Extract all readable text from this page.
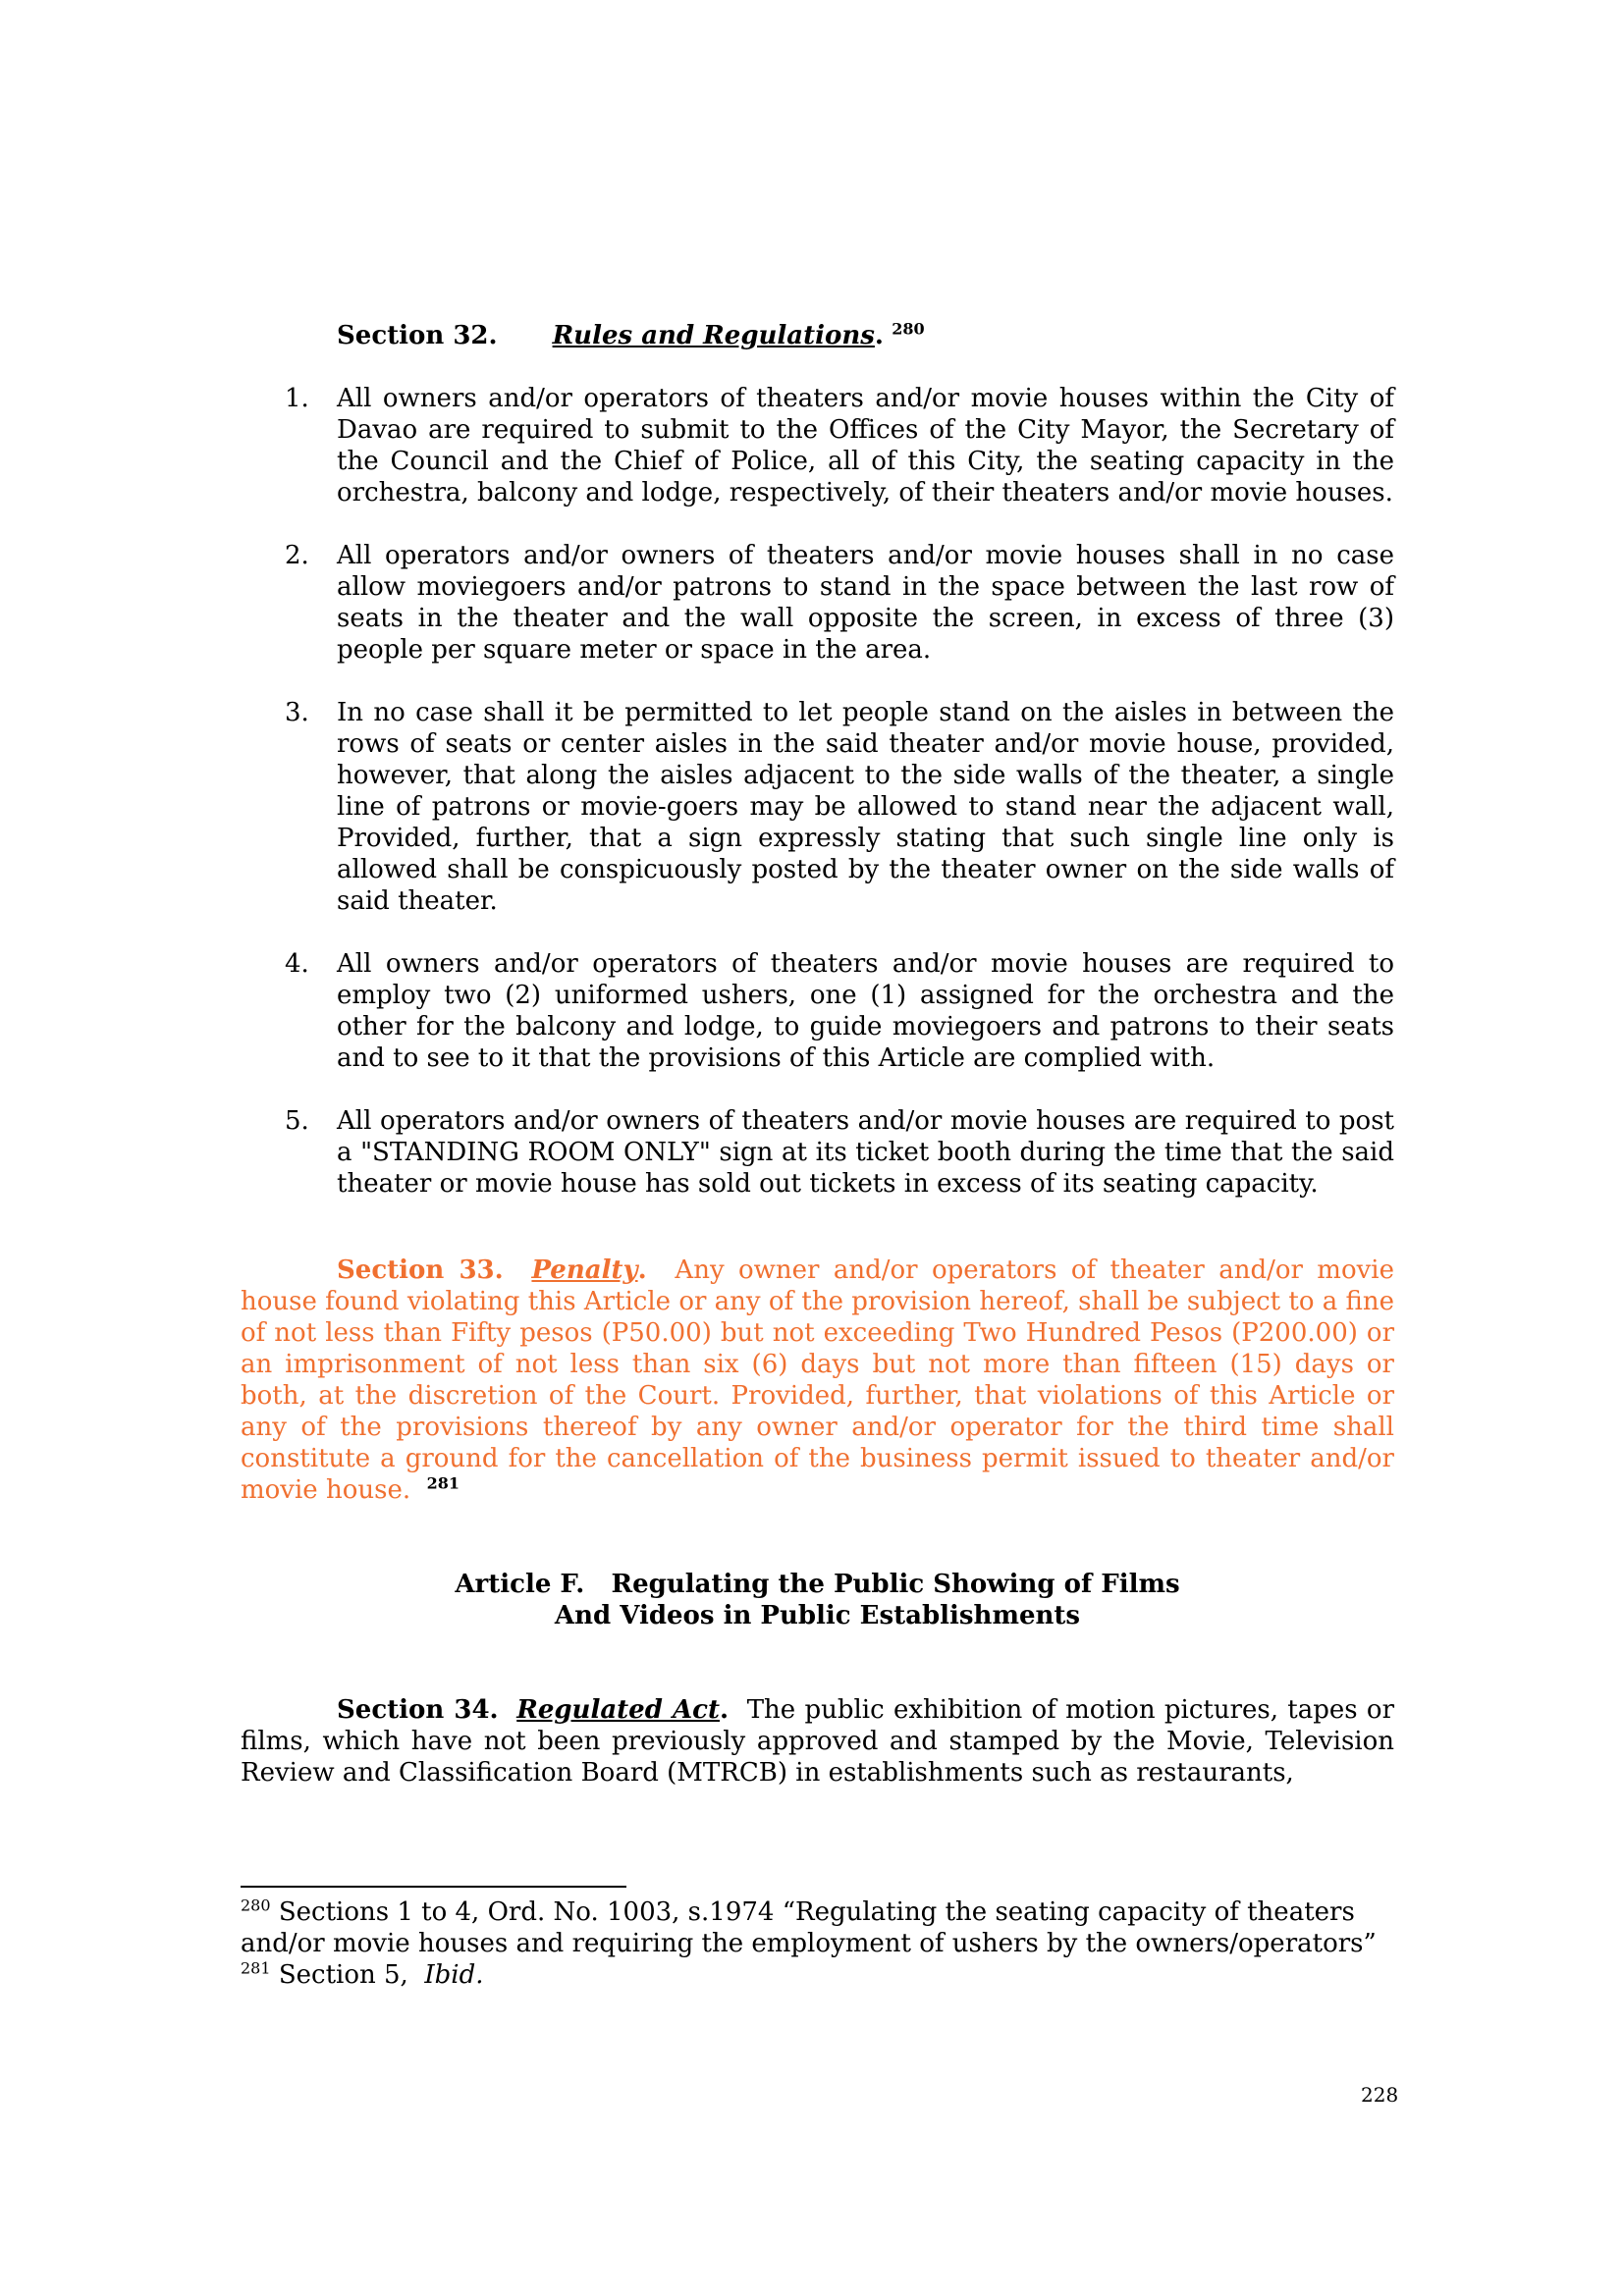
Section 32. Rules and Regulations. $^{280}$
1. All owners and/or operators of theaters and/or movie houses within the City of Davao are required to submit to the Offices of the City Mayor, the Secretary of the Council and the Chief of Police, all of this City, the seating capacity in the orchestra, balcony and lodge, respectively, of their theaters and/or movie houses.
2. All operators and/or owners of theaters and/or movie houses shall in no case allow moviegoers and/or patrons to stand in the space between the last row of seats in the theater and the wall opposite the screen, in excess of three (3) people per square meter or space in the area.
3. In no case shall it be permitted to let people stand on the aisles in between the rows of seats or center aisles in the said theater and/or movie house, provided, however, that along the aisles adjacent to the side walls of the theater, a single line of patrons or movie-goers may be allowed to stand near the adjacent wall, Provided, further, that a sign expressly stating that such single line only is allowed shall be conspicuously posted by the theater owner on the side walls of said theater.
4. All owners and/or operators of theaters and/or movie houses are required to employ two (2) uniformed ushers, one (1) assigned for the orchestra and the other for the balcony and lodge, to guide moviegoers and patrons to their seats and to see to it that the provisions of this Article are complied with.
5. All operators and/or owners of theaters and/or movie houses are required to post a "STANDING ROOM ONLY" sign at its ticket booth during the time that the said theater or movie house has sold out tickets in excess of its seating capacity.

Section 33. Penalty. Any owner and/or operators of theater and/or movie house found violating this Article or any of the provision hereof, shall be subject to a fine of not less than Fifty pesos (P50.00) but not exceeding Two Hundred Pesos (P200.00) or an imprisonment of not less than six (6) days but not more than fifteen (15) days or both, at the discretion of the Court. Provided, further, that violations of this Article or any of the provisions thereof by any owner and/or operator for the third time shall constitute a ground for the cancellation of the business permit issued to theater and/or movie house. $^{281}$

Article F.   Regulating the Public Showing of Films
And Videos in Public Establishments

Section 34. Regulated Act. The public exhibition of motion pictures, tapes or films, which have not been previously approved and stamped by the Movie, Television Review and Classification Board (MTRCB) in establishments such as restaurants,

$^{280}$ Sections 1 to 4, Ord. No. 1003, s.1974 “Regulating the seating capacity of theaters and/or movie houses and requiring the employment of ushers by the owners/operators”
$^{281}$ Section 5, Ibid.
228
